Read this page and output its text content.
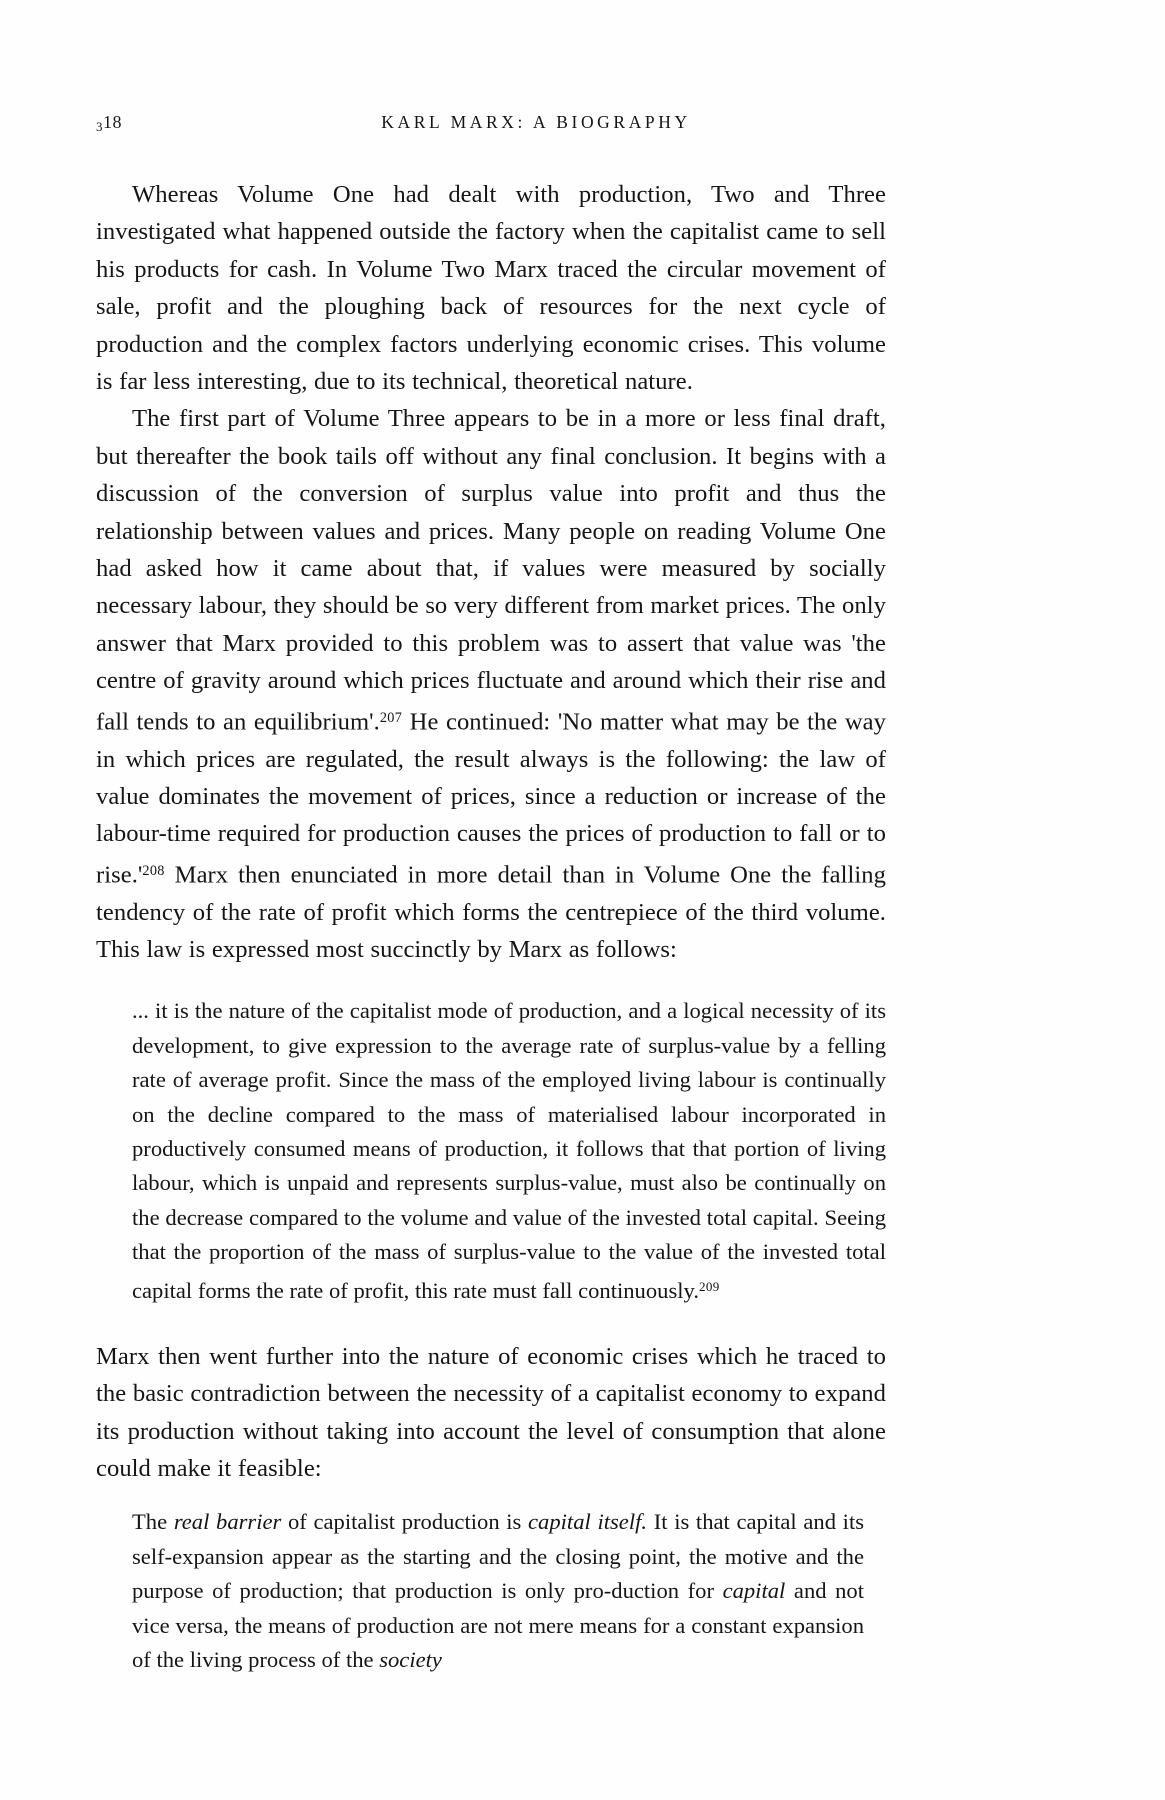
318	KARL MARX: A BIOGRAPHY

Whereas Volume One had dealt with production, Two and Three investigated what happened outside the factory when the capitalist came to sell his products for cash. In Volume Two Marx traced the circular movement of sale, profit and the ploughing back of resources for the next cycle of production and the complex factors underlying economic crises. This volume is far less interesting, due to its technical, theoretical nature.

The first part of Volume Three appears to be in a more or less final draft, but thereafter the book tails off without any final conclusion. It begins with a discussion of the conversion of surplus value into profit and thus the relationship between values and prices. Many people on reading Volume One had asked how it came about that, if values were measured by socially necessary labour, they should be so very different from market prices. The only answer that Marx provided to this problem was to assert that value was 'the centre of gravity around which prices fluctuate and around which their rise and fall tends to an equilibrium'.$^{207}$ He continued: 'No matter what may be the way in which prices are regulated, the result always is the following: the law of value dominates the movement of prices, since a reduction or increase of the labour-time required for production causes the prices of production to fall or to rise.'$^{208}$ Marx then enunciated in more detail than in Volume One the falling tendency of the rate of profit which forms the centrepiece of the third volume. This law is expressed most succinctly by Marx as follows:

... it is the nature of the capitalist mode of production, and a logical necessity of its development, to give expression to the average rate of surplus-value by a felling rate of average profit. Since the mass of the employed living labour is continually on the decline compared to the mass of materialised labour incorporated in productively consumed means of production, it follows that that portion of living labour, which is unpaid and represents surplus-value, must also be continually on the decrease compared to the volume and value of the invested total capital. Seeing that the proportion of the mass of surplus-value to the value of the invested total capital forms the rate of profit, this rate must fall continuously.$^{209}$

Marx then went further into the nature of economic crises which he traced to the basic contradiction between the necessity of a capitalist economy to expand its production without taking into account the level of consumption that alone could make it feasible:

The real barrier of capitalist production is capital itself. It is that capital and its self-expansion appear as the starting and the closing point, the motive and the purpose of production; that production is only pro-duction for capital and not vice versa, the means of production are not mere means for a constant expansion of the living process of the society
